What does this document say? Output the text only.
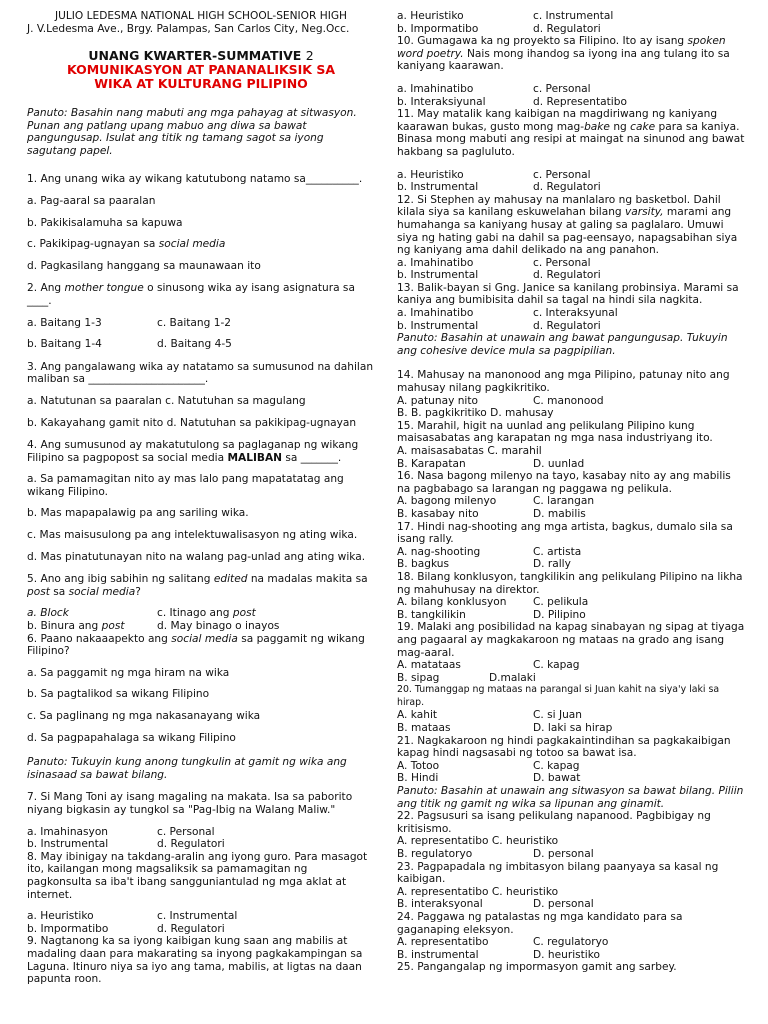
JULIO LEDESMA NATIONAL HIGH SCHOOL-SENIOR HIGH
J. V.Ledesma Ave., Brgy. Palampas, San Carlos City, Neg.Occ.
UNANG KWARTER-SUMMATIVE 2
KOMUNIKASYON AT PANANALIKSIK SA
WIKA AT KULTURANG PILIPINO
Panuto: Basahin nang mabuti ang mga pahayag at sitwasyon. Punan ang patlang upang mabuo ang diwa sa bawat pangungusap. Isulat ang titik ng tamang sagot sa iyong sagutang papel.
1. Ang unang wika ay wikang katutubong natamo sa__________.
a. Pag-aaral sa paaralan
b. Pakikisalamuha sa kapuwa
c. Pakikipag-ugnayan sa social media
d. Pagkasilang hanggang sa maunawaan ito
2. Ang mother tongue o sinusong wika ay isang asignatura sa ____.
a. Baitang 1-3	c. Baitang 1-2
b. Baitang 1-4	d. Baitang 4-5
3. Ang pangalawang wika ay natatamo sa sumusunod na dahilan maliban sa ______________________.
a. Natutunan sa paaralan c. Natutuhan sa magulang
b. Kakayahang gamit nito d. Natutuhan sa pakikipag-ugnayan
4. Ang sumusunod ay makatutulong sa paglaganap ng wikang Filipino sa pagpopost sa social media MALIBAN sa _______.
a. Sa pamamagitan nito ay mas lalo pang mapatatatag ang wikang Filipino.
b. Mas mapapalawig pa ang sariling wika.
c. Mas maisusulong pa ang intelektuwalisasyon ng ating wika.
d. Mas pinatutunayan nito na walang pag-unlad ang ating wika.
5. Ano ang ibig sabihin ng salitang edited na madalas makita sa post sa social media?
a. Block	c. Itinago ang post
b. Binura ang post	d. May binago o inayos
6. Paano nakaaapekto ang social media sa paggamit ng wikang Filipino?
a. Sa paggamit ng mga hiram na wika
b. Sa pagtalikod sa wikang Filipino
c. Sa paglinang ng mga nakasanayang wika
d. Sa pagpapahalaga sa wikang Filipino
Panuto: Tukuyin kung anong tungkulin at gamit ng wika ang isinasaad sa bawat bilang.
7. Si Mang Toni ay isang magaling na makata. Isa sa paborito niyang bigkasin ay tungkol sa "Pag-Ibig na Walang Maliw."
a. Imahinasyon	c. Personal
b. Instrumental	d. Regulatori
8. May ibinigay na takdang-aralin ang iyong guro. Para masagot ito, kailangan mong magsaliksik sa pamamagitan ng pagkonsulta sa iba't ibang sangguniantulad ng mga aklat at internet.
a. Heuristiko	c. Instrumental
b. Impormatibo	d. Regulatori
9. Nagtanong ka sa iyong kaibigan kung saan ang mabilis at madaling daan para makarating sa inyong pagkakampingan sa Laguna. Itinuro niya sa iyo ang tama, mabilis, at ligtas na daan papunta roon.
a. Heuristiko	c. Instrumental
b. Impormatibo	d. Regulatori
10. Gumagawa ka ng proyekto sa Filipino. Ito ay isang spoken word poetry. Nais mong ihandog sa iyong ina ang tulang ito sa kaniyang kaarawan.
a. Imahinatibo	c. Personal
b. Interaksiyunal	d. Representatibo
11. May matalik kang kaibigan na magdiriwang ng kaniyang kaarawan bukas, gusto mong mag-bake ng cake para sa kaniya. Binasa mong mabuti ang resipi at maingat na sinunod ang bawat hakbang sa pagluluto.
a. Heuristiko	c. Personal
b. Instrumental	d. Regulatori
12. Si Stephen ay mahusay na manlalaro ng basketbol. Dahil kilala siya sa kanilang eskuwelahan bilang varsity, marami ang humahanga sa kaniyang husay at galing sa paglalaro. Umuwi siya ng hating gabi na dahil sa pag-eensayo, napagsabihan siya ng kaniyang ama dahil delikado na ang panahon.
a. Imahinatibo	c. Personal
b. Instrumental	d. Regulatori
13. Balik-bayan si Gng. Janice sa kanilang probinsiya. Marami sa kaniya ang bumibisita dahil sa tagal na hindi sila nagkita.
a. Imahinatibo	c. Interaksyunal
b. Instrumental	d. Regulatori
Panuto: Basahin at unawain ang bawat pangungusap. Tukuyin ang cohesive device mula sa pagpipilian.
14. Mahusay na manonood ang mga Pilipino, patunay nito ang mahusay nilang pagkikritiko.
A. patunay nito	C. manonood
B. B. pagkikritiko D. mahusay
15. Marahil, higit na uunlad ang pelikulang Pilipino kung maisasabatas ang karapatan ng mga nasa industriyang ito.
A. maisasabatas C. marahil
B. Karapatan	D. uunlad
16. Nasa bagong milenyo na tayo, kasabay nito ay ang mabilis na pagbabago sa larangan ng paggawa ng pelikula.
A. bagong milenyo	C. larangan
B. kasabay nito	D. mabilis
17. Hindi nag-shooting ang mga artista, bagkus, dumalo sila sa isang rally.
A. nag-shooting	C. artista
B. bagkus	D. rally
18. Bilang konklusyon, tangkilikin ang pelikulang Pilipino na likha ng mahuhusay na direktor.
A. bilang konklusyon	C. pelikula
B. tangkilikin	D. Pilipino
19. Malaki ang posibilidad na kapag sinabayan ng sipag at tiyaga ang pagaaral ay magkakaroon ng mataas na grado ang isang mag-aaral.
A. matataas	C. kapag
B. sipag	D.malaki
20. Tumanggap ng mataas na parangal si Juan kahit na siya'y laki sa hirap.
A. kahit	C. si Juan
B. mataas	D. laki sa hirap
21. Nagkakaroon ng hindi pagkakaintindihan sa pagkakaibigan kapag hindi nagsasabi ng totoo sa bawat isa.
A. Totoo	C. kapag
B. Hindi	D. bawat
Panuto: Basahin at unawain ang sitwasyon sa bawat bilang. Piliin ang titik ng gamit ng wika sa lipunan ang ginamit.
22. Pagsusuri sa isang pelikulang napanood. Pagbibigay ng kritisismo.
A. representatibo C. heuristiko
B. regulatoryo	D. personal
23. Pagpapadala ng imbitasyon bilang paanyaya sa kasal ng kaibigan.
A. representatibo C. heuristiko
B. interaksyonal	D. personal
24. Paggawa ng patalastas ng mga kandidato para sa gaganaping eleksyon.
A. representatibo	C. regulatoryo
B. instrumental	D. heuristiko
25. Pangangalap ng impormasyon gamit ang sarbey.
